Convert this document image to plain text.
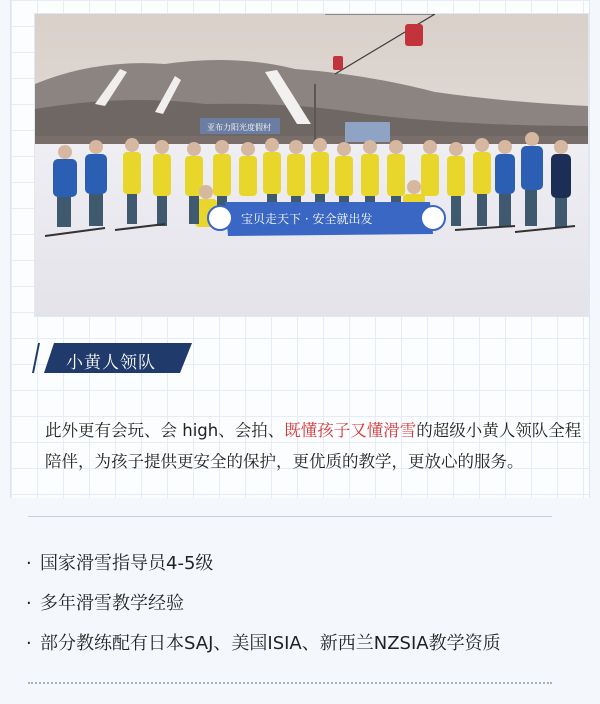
亚布力阳光度假村
宝贝走天下 · 安全就出发
小黄人领队

此外更有会玩、会 high、会拍、既懂孩子又懂滑雪的超级小黄人领队全程陪伴，为孩子提供更安全的保护，更优质的教学，更放心的服务。

· 国家滑雪指导员4-5级
· 多年滑雪教学经验
· 部分教练配有日本SAJ、美国ISIA、新西兰NZSIA教学资质
